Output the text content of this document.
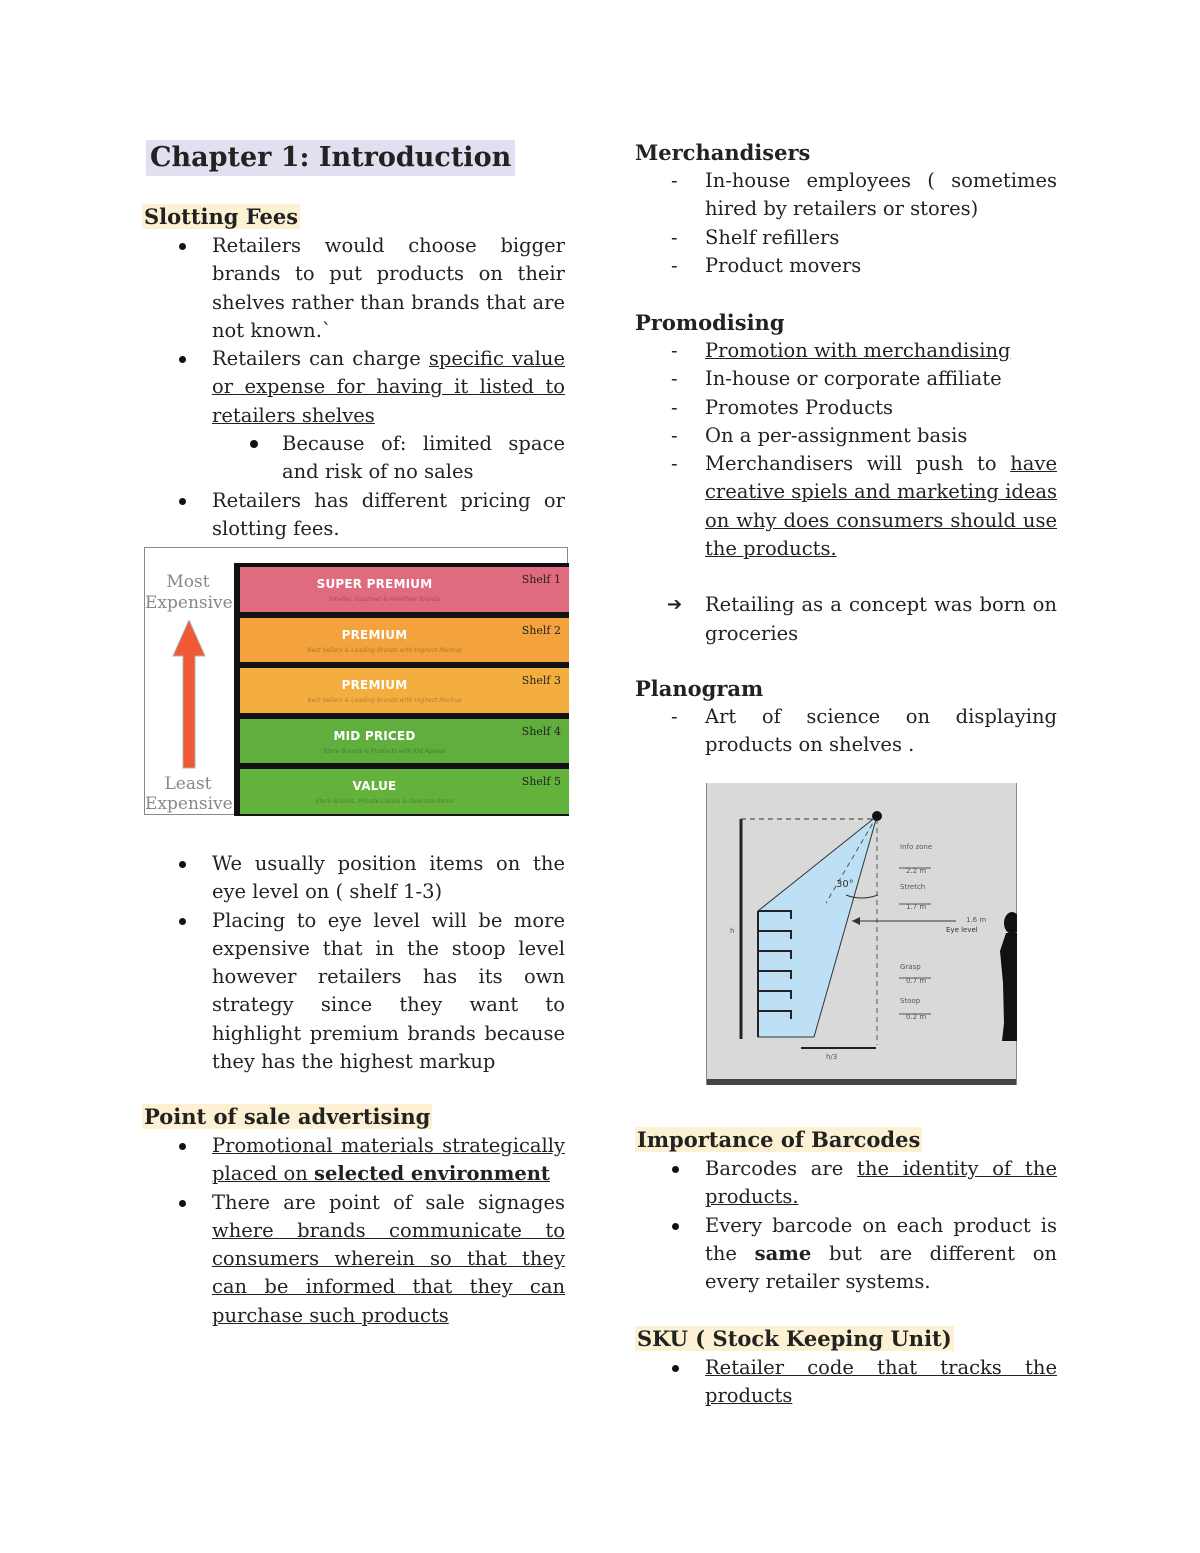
Chapter 1: Introduction
Slotting Fees
Retailers would choose bigger brands to put products on their shelves rather than brands that are not known.`
Retailers can charge specific value or expense for having it listed to retailers shelves
Because of: limited space and risk of no sales
Retailers has different pricing or slotting fees.
We usually position items on the eye level on ( shelf 1-3)
Placing to eye level will be more expensive that in the stoop level however retailers has its own strategy since they want to highlight premium brands because they has the highest markup
Point of sale advertising
Promotional materials strategically placed on selected environment
There are point of sale signages where brands communicate to consumers wherein so that they can be informed that they can purchase such products
Most
Expensive
Least
Expensive
SUPER PREMIUM
Smaller, Gourmet & Healthier Brands
Shelf 1
PREMIUM
Best Sellers & Leading Brands with Highest Markup
Shelf 2
PREMIUM
Best Sellers & Leading Brands with Highest Markup
Shelf 3
MID PRICED
Store Brands & Products with Kid Appeal
Shelf 4
VALUE
Store Brands, Private Labels & Oversize Items
Shelf 5
Merchandisers
- In-house employees ( sometimes hired by retailers or stores)
- Shelf refillers
- Product movers
Promodising
- Promotion with merchandising
- In-house or corporate affiliate
- Promotes Products
- On a per-assignment basis
- Merchandisers will push to have creative spiels and marketing ideas on why does consumers should use the products.
➔ Retailing as a concept was born on groceries
Planogram
- Art of science on displaying products on shelves .
Importance of Barcodes
Barcodes are the identity of the products.
Every barcode on each product is the same but are different on every retailer systems.
SKU ( Stock Keeping Unit)
Retailer code that tracks the products
30°
Info zone
2.2 m
Stretch
1.7 m
1.6 m
Eye level
Grasp
0.7 m
Stoop
0.2 m
h
h/3
